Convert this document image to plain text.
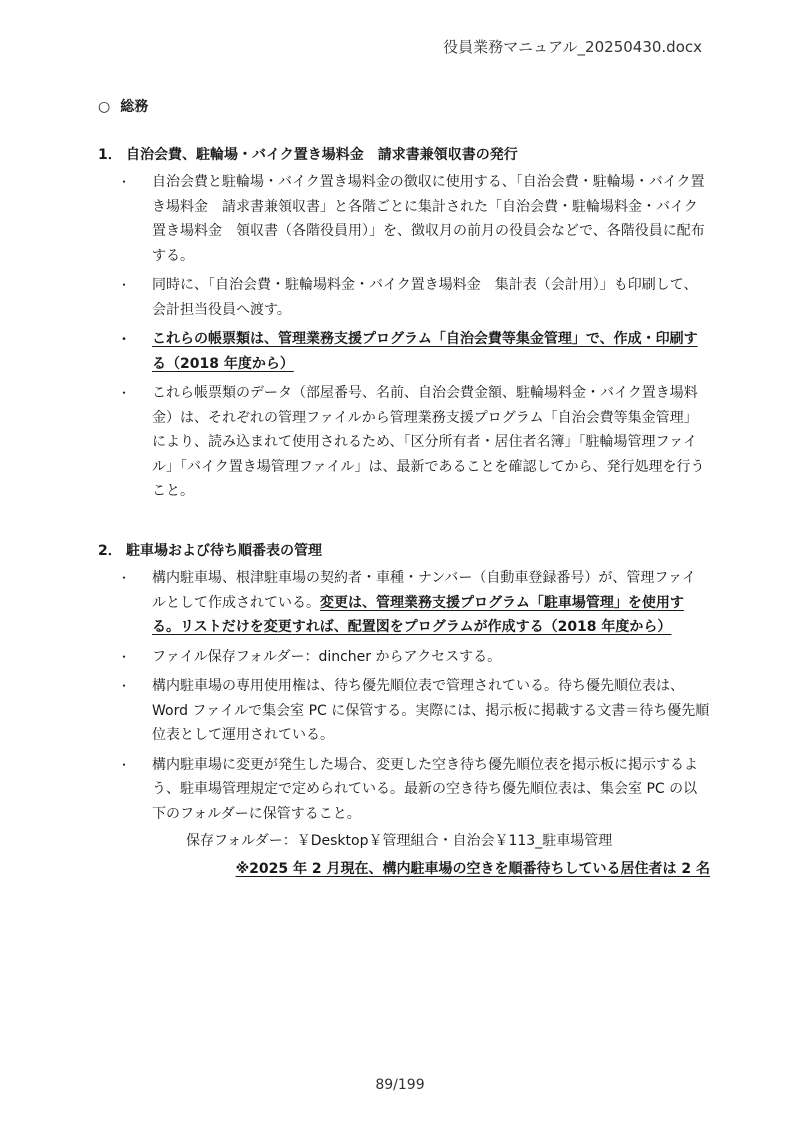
役員業務マニュアル_20250430.docx
○ 総務
1． 自治会費、駐輪場・バイク置き場料金　請求書兼領収書の発行
・ 自治会費と駐輪場・バイク置き場料金の徴収に使用する、「自治会費・駐輪場・バイク置き場料金　請求書兼領収書」と各階ごとに集計された「自治会費・駐輪場料金・バイク置き場料金　領収書（各階役員用）」を、徴収月の前月の役員会などで、各階役員に配布する。
・ 同時に、「自治会費・駐輪場料金・バイク置き場料金　集計表（会計用）」も印刷して、会計担当役員へ渡す。
・ これらの帳票類は、管理業務支援プログラム「自治会費等集金管理」で、作成・印刷する（2018 年度から）
・ これら帳票類のデータ（部屋番号、名前、自治会費金額、駐輪場料金・バイク置き場料金）は、それぞれの管理ファイルから管理業務支援プログラム「自治会費等集金管理」により、読み込まれて使用されるため、「区分所有者・居住者名簿」「駐輪場管理ファイル」「バイク置き場管理ファイル」は、最新であることを確認してから、発行処理を行うこと。
2． 駐車場および待ち順番表の管理
・ 構内駐車場、根津駐車場の契約者・車種・ナンバー（自動車登録番号）が、管理ファイルとして作成されている。変更は、管理業務支援プログラム「駐車場管理」を使用する。リストだけを変更すれば、配置図をプログラムが作成する（2018 年度から）
・ ファイル保存フォルダー：dincher からアクセスする。
・ 構内駐車場の専用使用権は、待ち優先順位表で管理されている。待ち優先順位表は、Word ファイルで集会室 PC に保管する。実際には、掲示板に掲載する文書＝待ち優先順位表として運用されている。
・ 構内駐車場に変更が発生した場合、変更した空き待ち優先順位表を掲示板に掲示するよう、駐車場管理規定で定められている。最新の空き待ち優先順位表は、集会室 PC の以下のフォルダーに保管すること。
保存フォルダー：￥Desktop￥管理組合・自治会￥113_駐車場管理
※2025 年 2 月現在、構内駐車場の空きを順番待ちしている居住者は 2 名
89/199
